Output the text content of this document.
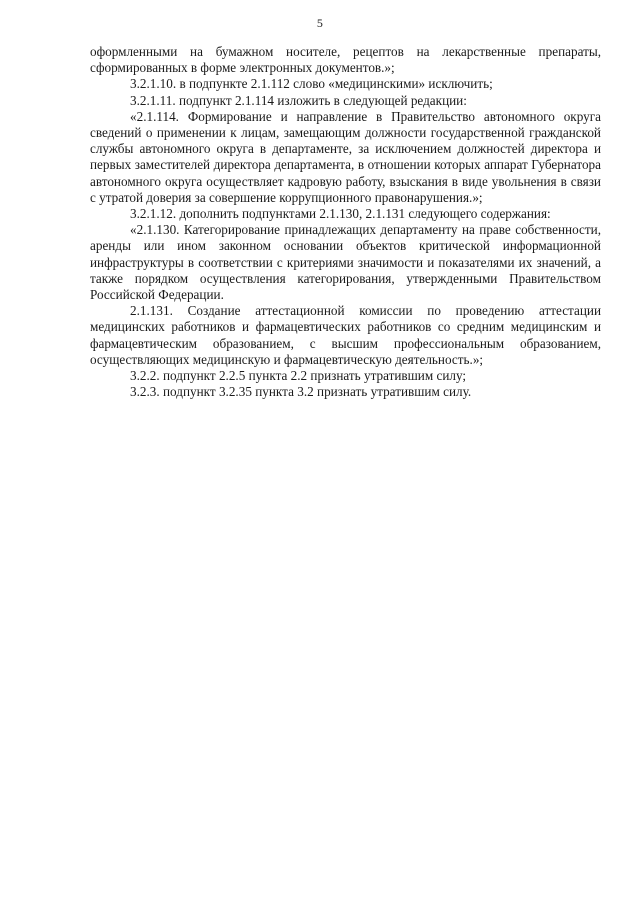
5

оформленными на бумажном носителе, рецептов на лекарственные препараты, сформированных в форме электронных документов.»;

3.2.1.10. в подпункте 2.1.112 слово «медицинскими» исключить;

3.2.1.11. подпункт 2.1.114 изложить в следующей редакции:

«2.1.114. Формирование и направление в Правительство автономного округа сведений о применении к лицам, замещающим должности государственной гражданской службы автономного округа в департаменте, за исключением должностей директора и первых заместителей директора департамента, в отношении которых аппарат Губернатора автономного округа осуществляет кадровую работу, взыскания в виде увольнения в связи с утратой доверия за совершение коррупционного правонарушения.»;

3.2.1.12. дополнить подпунктами 2.1.130, 2.1.131 следующего содержания:

«2.1.130. Категорирование принадлежащих департаменту на праве собственности, аренды или ином законном основании объектов критической информационной инфраструктуры в соответствии с критериями значимости и показателями их значений, а также порядком осуществления категорирования, утвержденными Правительством Российской Федерации.

2.1.131. Создание аттестационной комиссии по проведению аттестации медицинских работников и фармацевтических работников со средним медицинским и фармацевтическим образованием, с высшим профессиональным образованием, осуществляющих медицинскую и фармацевтическую деятельность.»;

3.2.2. подпункт 2.2.5 пункта 2.2 признать утратившим силу;

3.2.3. подпункт 3.2.35 пункта 3.2 признать утратившим силу.
